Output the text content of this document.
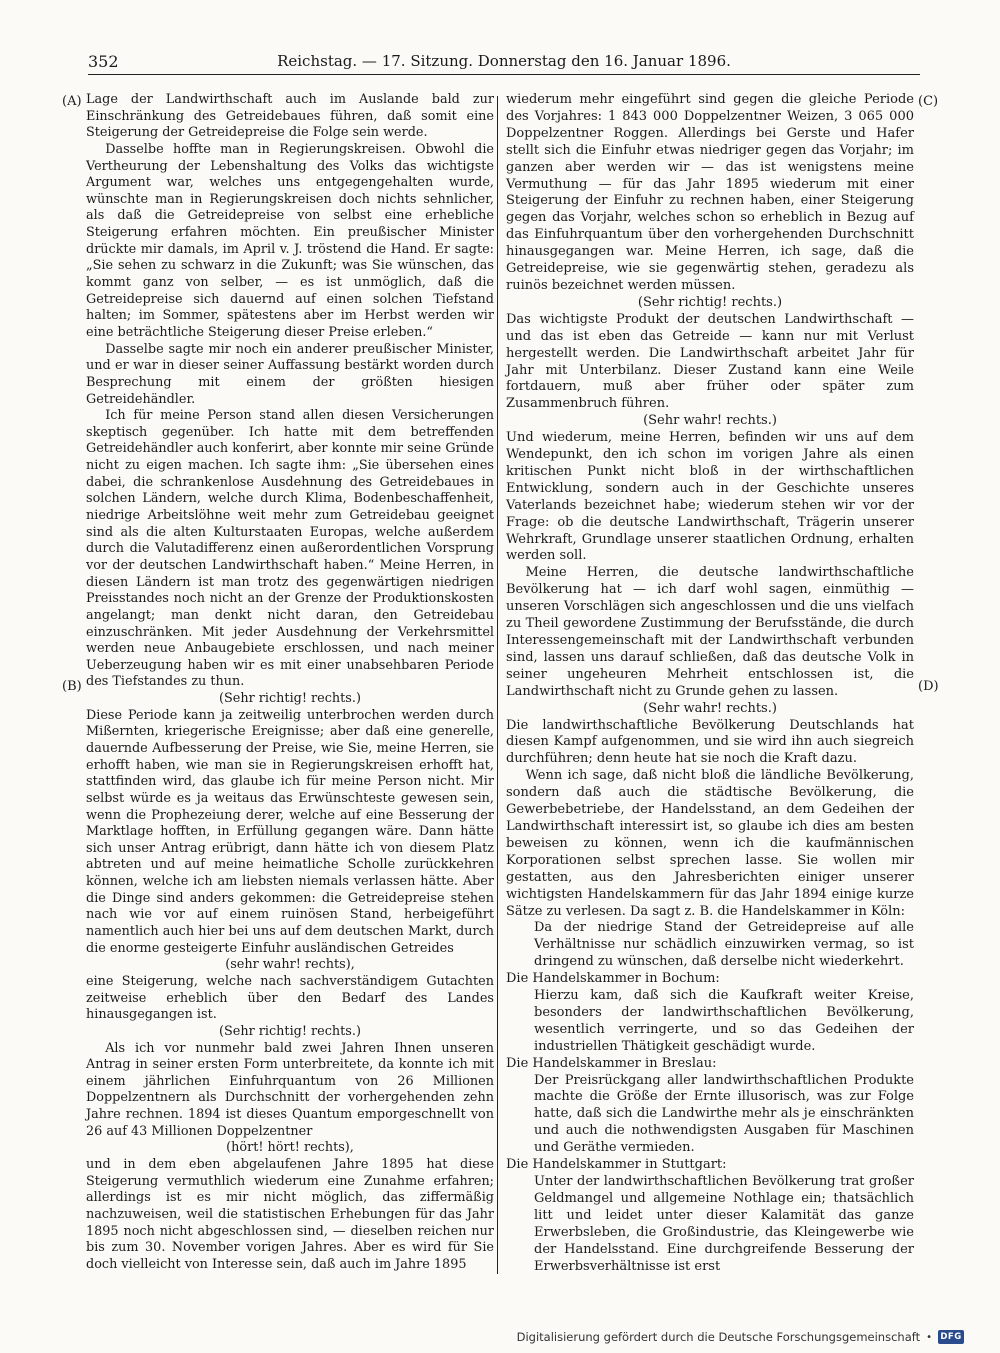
352	Reichstag. — 17. Sitzung. Donnerstag den 16. Januar 1896.
(A)
(B)
(C)
(D)

Lage der Landwirthschaft auch im Auslande bald zur Einschränkung des Getreidebaues führen, daß somit eine Steigerung der Getreidepreise die Folge sein werde.

Dasselbe hoffte man in Regierungskreisen. Obwohl die Vertheurung der Lebenshaltung des Volks das wichtigste Argument war, welches uns entgegengehalten wurde, wünschte man in Regierungskreisen doch nichts sehnlicher, als daß die Getreidepreise von selbst eine erhebliche Steigerung erfahren möchten. Ein preußischer Minister drückte mir damals, im April v. J. tröstend die Hand. Er sagte: „Sie sehen zu schwarz in die Zukunft; was Sie wünschen, das kommt ganz von selber, — es ist unmöglich, daß die Getreidepreise sich dauernd auf einen solchen Tiefstand halten; im Sommer, spätestens aber im Herbst werden wir eine beträchtliche Steigerung dieser Preise erleben.“

Dasselbe sagte mir noch ein anderer preußischer Minister, und er war in dieser seiner Auffassung bestärkt worden durch Besprechung mit einem der größten hiesigen Getreidehändler.

Ich für meine Person stand allen diesen Versicherungen skeptisch gegenüber. Ich hatte mit dem betreffenden Getreidehändler auch konferirt, aber konnte mir seine Gründe nicht zu eigen machen. Ich sagte ihm: „Sie übersehen eines dabei, die schrankenlose Ausdehnung des Getreidebaues in solchen Ländern, welche durch Klima, Bodenbeschaffenheit, niedrige Arbeitslöhne weit mehr zum Getreidebau geeignet sind als die alten Kulturstaaten Europas, welche außerdem durch die Valutadifferenz einen außerordentlichen Vorsprung vor der deutschen Landwirthschaft haben.“ Meine Herren, in diesen Ländern ist man trotz des gegenwärtigen niedrigen Preisstandes noch nicht an der Grenze der Produktionskosten angelangt; man denkt nicht daran, den Getreidebau einzuschränken. Mit jeder Ausdehnung der Verkehrsmittel werden neue Anbaugebiete erschlossen, und nach meiner Ueberzeugung haben wir es mit einer unabsehbaren Periode des Tiefstandes zu thun.

(Sehr richtig! rechts.)

Diese Periode kann ja zeitweilig unterbrochen werden durch Mißernten, kriegerische Ereignisse; aber daß eine generelle, dauernde Aufbesserung der Preise, wie Sie, meine Herren, sie erhofft haben, wie man sie in Regierungskreisen erhofft hat, stattfinden wird, das glaube ich für meine Person nicht. Mir selbst würde es ja weitaus das Erwünschteste gewesen sein, wenn die Prophezeiung derer, welche auf eine Besserung der Marktlage hofften, in Erfüllung gegangen wäre. Dann hätte sich unser Antrag erübrigt, dann hätte ich von diesem Platz abtreten und auf meine heimatliche Scholle zurückkehren können, welche ich am liebsten niemals verlassen hätte. Aber die Dinge sind anders gekommen: die Getreidepreise stehen nach wie vor auf einem ruinösen Stand, herbeigeführt namentlich auch hier bei uns auf dem deutschen Markt, durch die enorme gesteigerte Einfuhr ausländischen Getreides

(sehr wahr! rechts),

eine Steigerung, welche nach sachverständigem Gutachten zeitweise erheblich über den Bedarf des Landes hinausgegangen ist.

(Sehr richtig! rechts.)

Als ich vor nunmehr bald zwei Jahren Ihnen unseren Antrag in seiner ersten Form unterbreitete, da konnte ich mit einem jährlichen Einfuhrquantum von 26 Millionen Doppelzentnern als Durchschnitt der vorhergehenden zehn Jahre rechnen. 1894 ist dieses Quantum emporgeschnellt von 26 auf 43 Millionen Doppelzentner

(hört! hört! rechts),

und in dem eben abgelaufenen Jahre 1895 hat diese Steigerung vermuthlich wiederum eine Zunahme erfahren; allerdings ist es mir nicht möglich, das ziffermäßig nachzuweisen, weil die statistischen Erhebungen für das Jahr 1895 noch nicht abgeschlossen sind, — dieselben reichen nur bis zum 30. November vorigen Jahres. Aber es wird für Sie doch vielleicht von Interesse sein, daß auch im Jahre 1895

wiederum mehr eingeführt sind gegen die gleiche Periode des Vorjahres: 1 843 000 Doppelzentner Weizen, 3 065 000 Doppelzentner Roggen. Allerdings bei Gerste und Hafer stellt sich die Einfuhr etwas niedriger gegen das Vorjahr; im ganzen aber werden wir — das ist wenigstens meine Vermuthung — für das Jahr 1895 wiederum mit einer Steigerung der Einfuhr zu rechnen haben, einer Steigerung gegen das Vorjahr, welches schon so erheblich in Bezug auf das Einfuhrquantum über den vorhergehenden Durchschnitt hinausgegangen war. Meine Herren, ich sage, daß die Getreidepreise, wie sie gegenwärtig stehen, geradezu als ruinös bezeichnet werden müssen.

(Sehr richtig! rechts.)

Das wichtigste Produkt der deutschen Landwirthschaft — und das ist eben das Getreide — kann nur mit Verlust hergestellt werden. Die Landwirthschaft arbeitet Jahr für Jahr mit Unterbilanz. Dieser Zustand kann eine Weile fortdauern, muß aber früher oder später zum Zusammenbruch führen.

(Sehr wahr! rechts.)

Und wiederum, meine Herren, befinden wir uns auf dem Wendepunkt, den ich schon im vorigen Jahre als einen kritischen Punkt nicht bloß in der wirthschaftlichen Entwicklung, sondern auch in der Geschichte unseres Vaterlands bezeichnet habe; wiederum stehen wir vor der Frage: ob die deutsche Landwirthschaft, Trägerin unserer Wehrkraft, Grundlage unserer staatlichen Ordnung, erhalten werden soll.

Meine Herren, die deutsche landwirthschaftliche Bevölkerung hat — ich darf wohl sagen, einmüthig — unseren Vorschlägen sich angeschlossen und die uns vielfach zu Theil gewordene Zustimmung der Berufsstände, die durch Interessengemeinschaft mit der Landwirthschaft verbunden sind, lassen uns darauf schließen, daß das deutsche Volk in seiner ungeheuren Mehrheit entschlossen ist, die Landwirthschaft nicht zu Grunde gehen zu lassen.

(Sehr wahr! rechts.)

Die landwirthschaftliche Bevölkerung Deutschlands hat diesen Kampf aufgenommen, und sie wird ihn auch siegreich durchführen; denn heute hat sie noch die Kraft dazu.

Wenn ich sage, daß nicht bloß die ländliche Bevölkerung, sondern daß auch die städtische Bevölkerung, die Gewerbebetriebe, der Handelsstand, an dem Gedeihen der Landwirthschaft interessirt ist, so glaube ich dies am besten beweisen zu können, wenn ich die kaufmännischen Korporationen selbst sprechen lasse. Sie wollen mir gestatten, aus den Jahresberichten einiger unserer wichtigsten Handelskammern für das Jahr 1894 einige kurze Sätze zu verlesen. Da sagt z. B. die Handelskammer in Köln:

Da der niedrige Stand der Getreidepreise auf alle Verhältnisse nur schädlich einzuwirken vermag, so ist dringend zu wünschen, daß derselbe nicht wiederkehrt.

Die Handelskammer in Bochum:

Hierzu kam, daß sich die Kaufkraft weiter Kreise, besonders der landwirthschaftlichen Bevölkerung, wesentlich verringerte, und so das Gedeihen der industriellen Thätigkeit geschädigt wurde.

Die Handelskammer in Breslau:

Der Preisrückgang aller landwirthschaftlichen Produkte machte die Größe der Ernte illusorisch, was zur Folge hatte, daß sich die Landwirthe mehr als je einschränkten und auch die nothwendigsten Ausgaben für Maschinen und Geräthe vermieden.

Die Handelskammer in Stuttgart:

Unter der landwirthschaftlichen Bevölkerung trat großer Geldmangel und allgemeine Nothlage ein; thatsächlich litt und leidet unter dieser Kalamität das ganze Erwerbsleben, die Großindustrie, das Kleingewerbe wie der Handelsstand. Eine durchgreifende Besserung der Erwerbsverhältnisse ist erst

Digitalisierung gefördert durch die Deutsche Forschungsgemeinschaft • DFG
